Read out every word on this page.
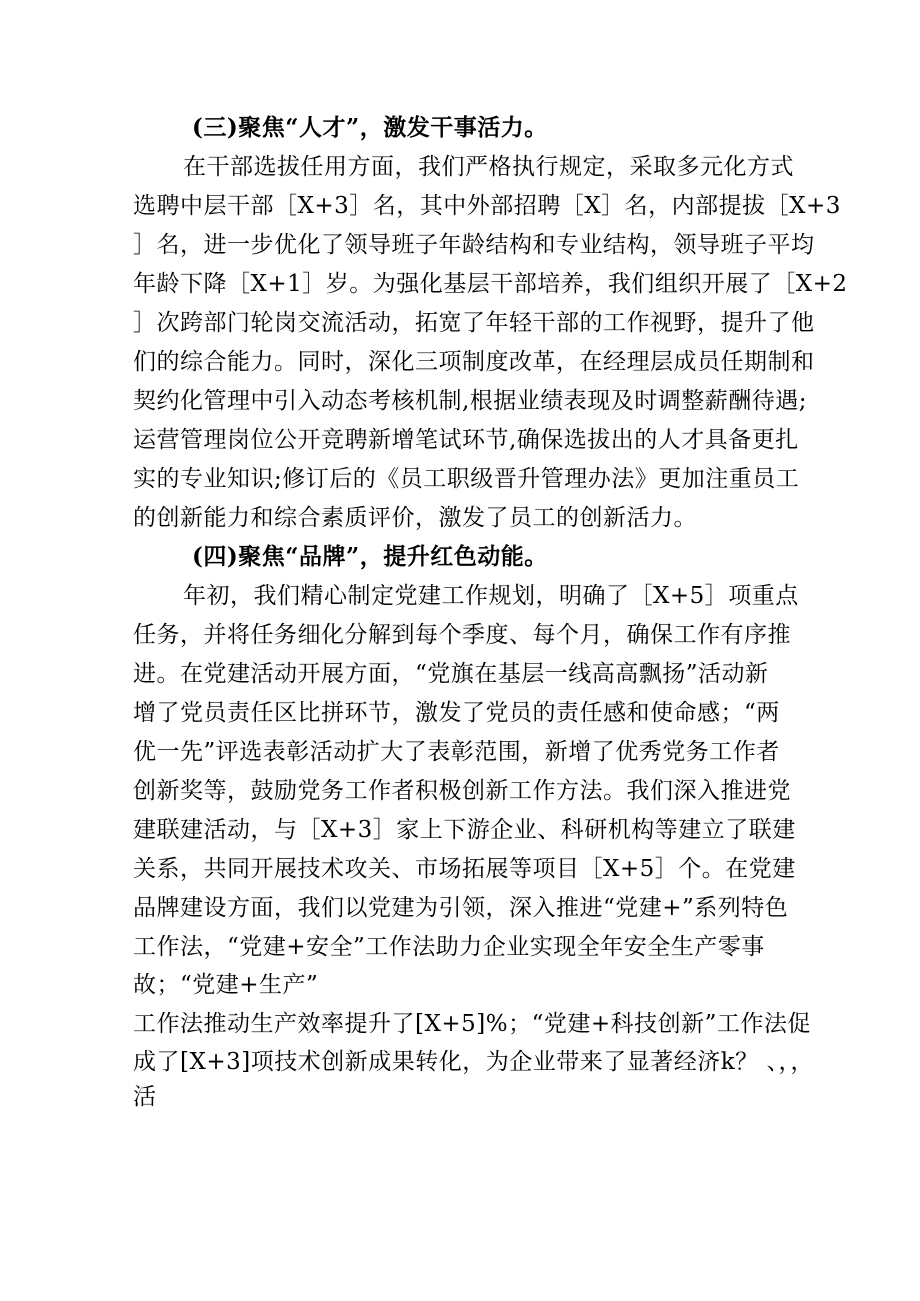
(三)聚焦“人才”，激发干事活力。
在干部选拔任用方面，我们严格执行规定，采取多元化方式
选聘中层干部［X+3］名，其中外部招聘［X］名，内部提拔［X+3
］名，进一步优化了领导班子年龄结构和专业结构，领导班子平均
年龄下降［X+1］岁。为强化基层干部培养，我们组织开展了［X+2
］次跨部门轮岗交流活动，拓宽了年轻干部的工作视野，提升了他
们的综合能力。同时，深化三项制度改革，在经理层成员任期制和
契约化管理中引入动态考核机制,根据业绩表现及时调整薪酬待遇;
运营管理岗位公开竞聘新增笔试环节,确保选拔出的人才具备更扎
实的专业知识;修订后的《员工职级晋升管理办法》更加注重员工
的创新能力和综合素质评价，激发了员工的创新活力。
(四)聚焦“品牌”，提升红色动能。
年初，我们精心制定党建工作规划，明确了［X+5］项重点
任务，并将任务细化分解到每个季度、每个月，确保工作有序推
进。在党建活动开展方面，“党旗在基层一线高高飘扬”活动新
增了党员责任区比拼环节，激发了党员的责任感和使命感；“两
优一先”评选表彰活动扩大了表彰范围，新增了优秀党务工作者
创新奖等，鼓励党务工作者积极创新工作方法。我们深入推进党
建联建活动，与［X+3］家上下游企业、科研机构等建立了联建
关系，共同开展技术攻关、市场拓展等项目［X+5］个。在党建
品牌建设方面，我们以党建为引领，深入推进“党建+”系列特色
工作法，“党建+安全”工作法助力企业实现全年安全生产零事
故；“党建+生产”
工作法推动生产效率提升了[X+5]%；“党建+科技创新”工作法促
成了[X+3]项技术创新成果转化，为企业带来了显著经济k？ 、，，
活
